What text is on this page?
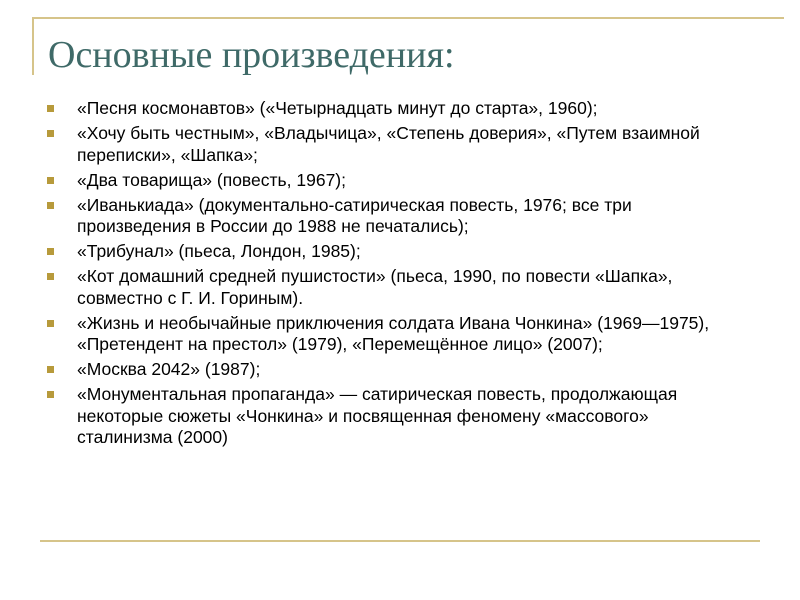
Основные произведения:
«Песня космонавтов» («Четырнадцать минут до старта», 1960);
«Хочу быть честным», «Владычица», «Степень доверия», «Путем взаимной переписки», «Шапка»;
«Два товарища» (повесть, 1967);
«Иванькиада» (документально-сатирическая повесть, 1976; все три произведения в России до 1988 не печатались);
«Трибунал» (пьеса, Лондон, 1985);
«Кот домашний средней пушистости» (пьеса, 1990, по повести «Шапка», совместно с Г. И. Гориным).
«Жизнь и необычайные приключения солдата Ивана Чонкина» (1969—1975), «Претендент на престол» (1979), «Перемещённое лицо» (2007);
«Москва 2042» (1987);
«Монументальная пропаганда» — сатирическая повесть, продолжающая некоторые сюжеты «Чонкина» и посвященная феномену «массового» сталинизма (2000)
